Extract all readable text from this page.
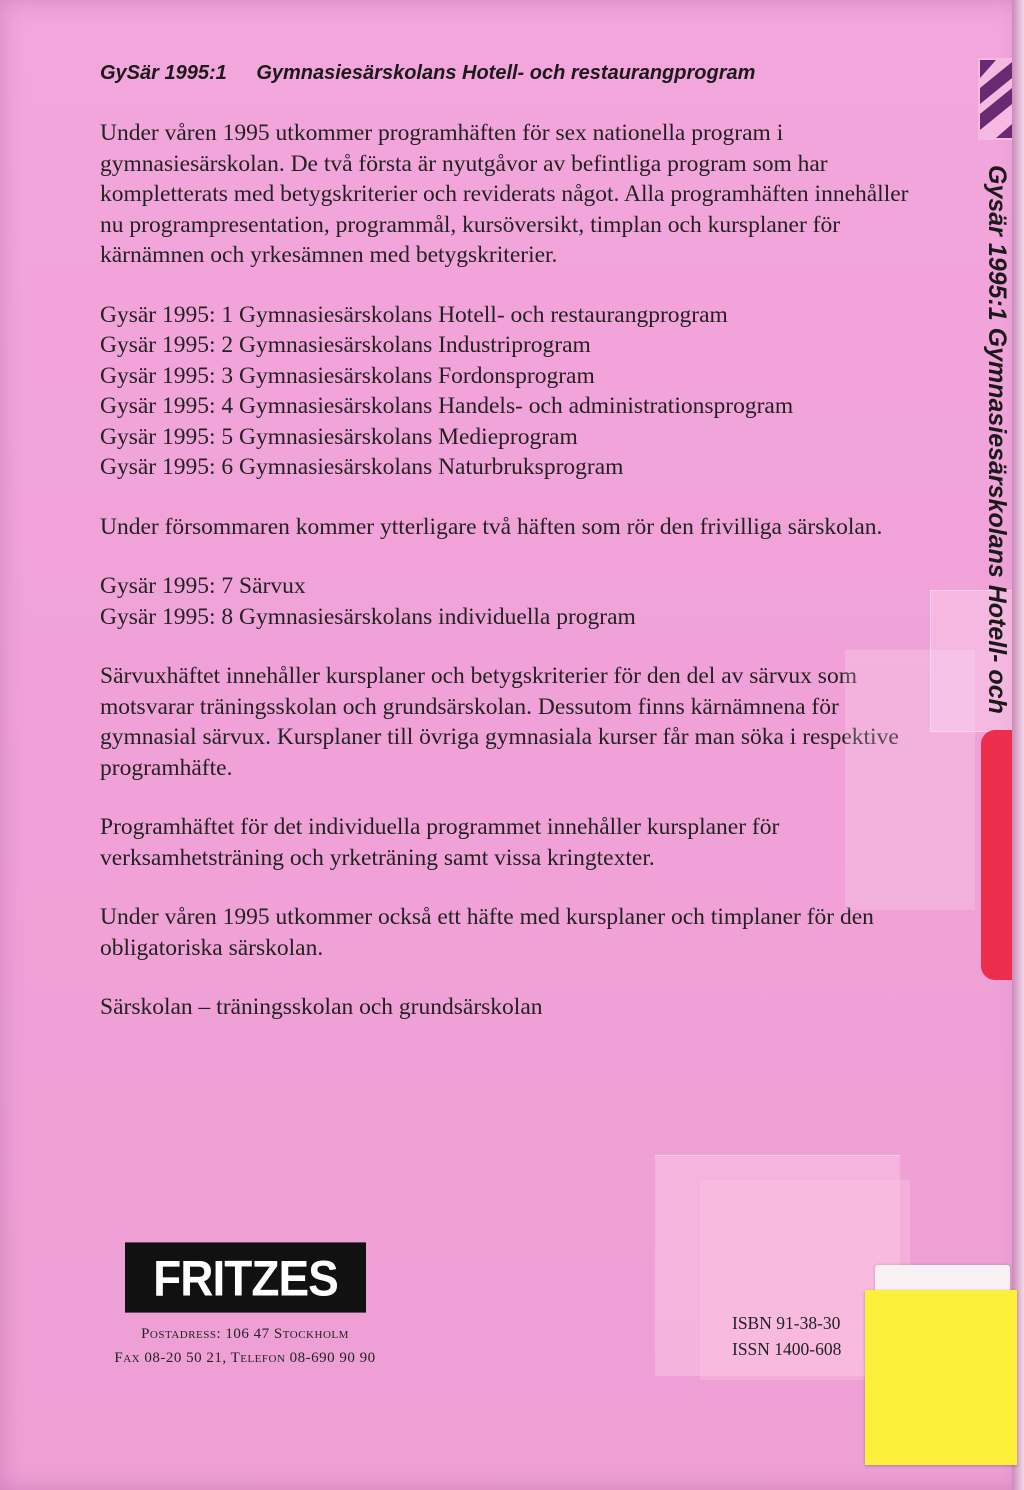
GySär 1995:1 Gymnasiesärskolans Hotell- och restaurangprogram

Under våren 1995 utkommer programhäften för sex nationella program i gymnasiesärskolan. De två första är nyutgåvor av befintliga program som har kompletterats med betygskriterier och reviderats något. Alla programhäften innehåller nu programpresentation, programmål, kursöversikt, timplan och kursplaner för kärnämnen och yrkesämnen med betygskriterier.

Gysär 1995: 1 Gymnasiesärskolans Hotell- och restaurangprogram
Gysär 1995: 2 Gymnasiesärskolans Industriprogram
Gysär 1995: 3 Gymnasiesärskolans Fordonsprogram
Gysär 1995: 4 Gymnasiesärskolans Handels- och administrationsprogram
Gysär 1995: 5 Gymnasiesärskolans Medieprogram
Gysär 1995: 6 Gymnasiesärskolans Naturbruksprogram

Under försommaren kommer ytterligare två häften som rör den frivilliga särskolan.

Gysär 1995: 7 Särvux
Gysär 1995: 8 Gymnasiesärskolans individuella program

Särvuxhäftet innehåller kursplaner och betygskriterier för den del av särvux som motsvarar träningsskolan och grundsärskolan. Dessutom finns kärnämnena för gymnasial särvux. Kursplaner till övriga gymnasiala kurser får man söka i respektive programhäfte.

Programhäftet för det individuella programmet innehåller kursplaner för verksamhetsträning och yrketräning samt vissa kringtexter.

Under våren 1995 utkommer också ett häfte med kursplaner och timplaner för den obligatoriska särskolan.

Särskolan – träningsskolan och grundsärskolan

Gysär 1995:1 Gymnasiesärskolans Hotell- och
FRITZES
Postadress: 106 47 Stockholm
Fax 08-20 50 21, Telefon 08-690 90 90
ISBN 91-38-30
ISSN 1400-608
